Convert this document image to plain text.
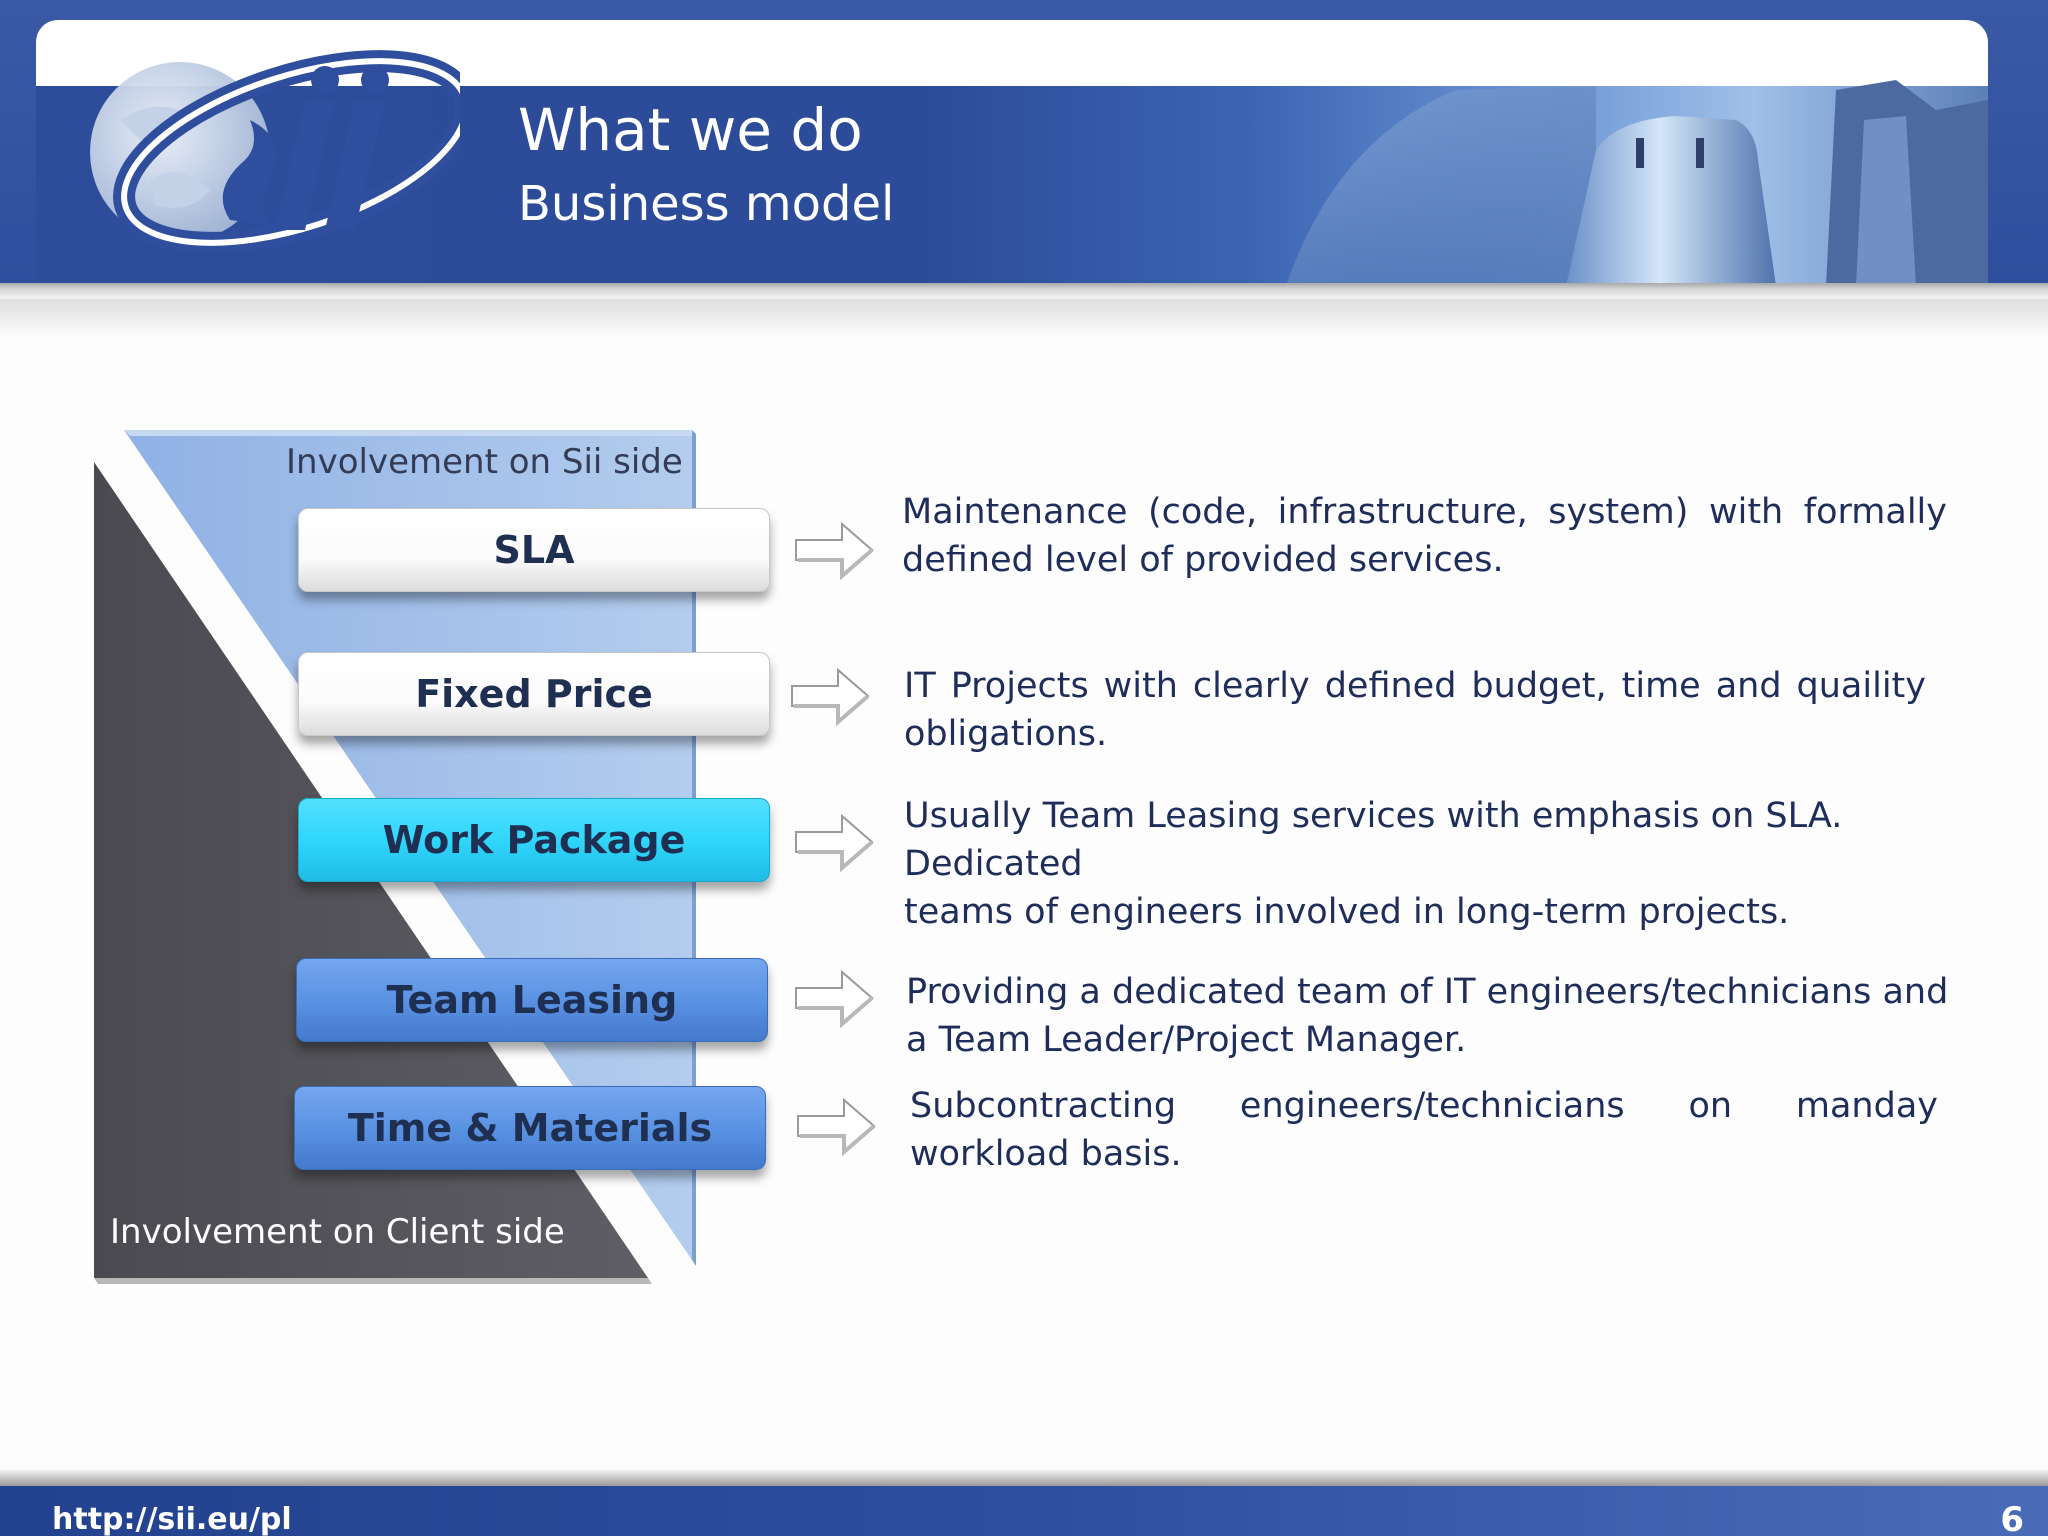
What we do
Business model
Involvement on Sii side
Involvement on Client side
SLA
Fixed Price
Work Package
Team Leasing
Time & Materials
Maintenance (code, infrastructure, system) with formally defined level of provided services.
IT Projects with clearly defined budget, time and quaility obligations.
Usually Team Leasing services with emphasis on SLA. Dedicated
teams of engineers involved in long-term projects.
Providing a dedicated team of IT engineers/technicians and
a Team Leader/Project Manager.
Subcontracting engineers/technicians on manday workload basis.
http://sii.eu/pl	6
